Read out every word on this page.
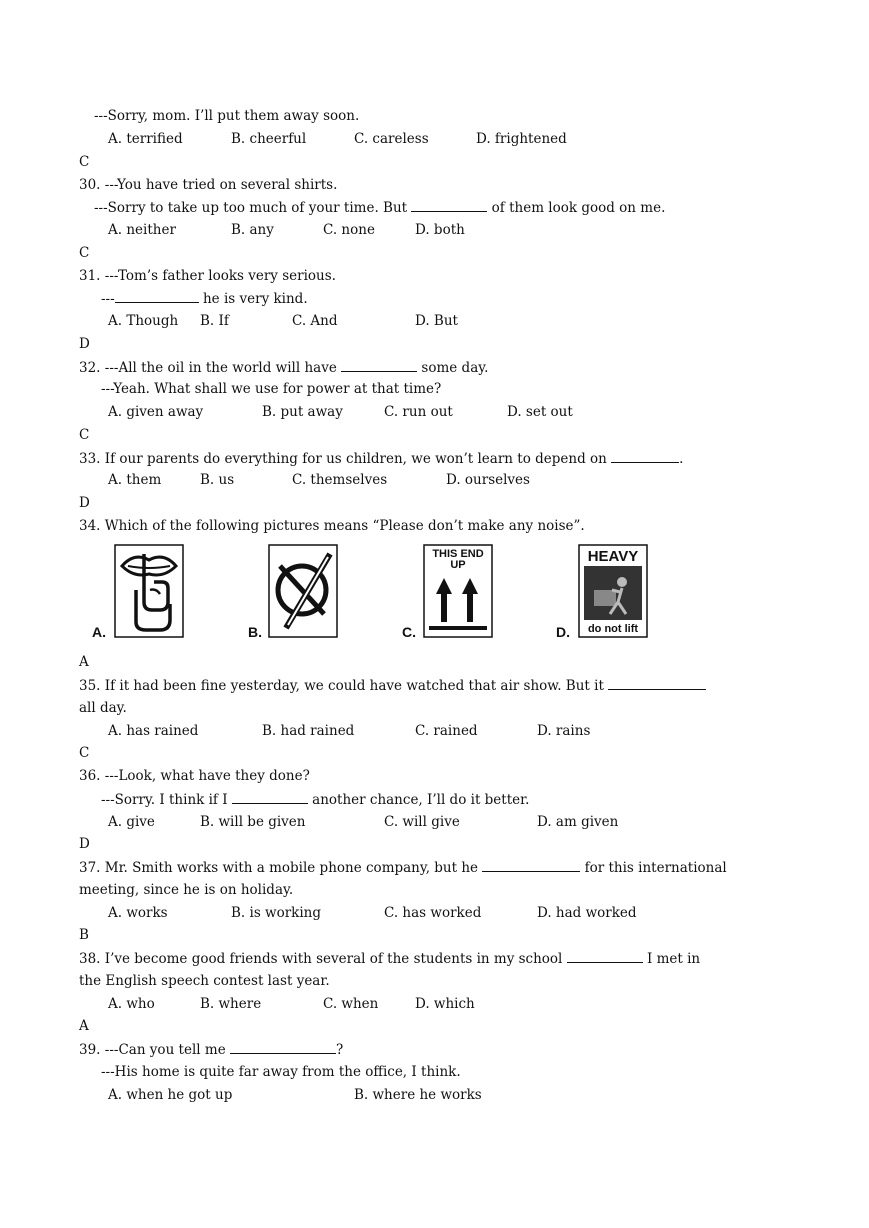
---Sorry, mom. I’ll put them away soon.
A. terrified	B. cheerful	C. careless	D. frightened
C
30. ---You have tried on several shirts.
---Sorry to take up too much of your time. But	of them look good on me.
A. neither	B. any	C. none	D. both
C
31. ---Tom’s father looks very serious.
---	he is very kind.
A. Though B. If	C. And	D. But
D
32. ---All the oil in the world will have	some day.
---Yeah. What shall we use for power at that time?
A. given away	B. put away	C. run out	D. set out
C
33. If our parents do everything for us children, we won’t learn to depend on	.
A. them	B. us	C. themselves	D. ourselves
D
34. Which of the following pictures means “Please don’t make any noise”.
A.	B.	C.
THIS END
UP
D.
HEAVY
do not lift
A
35. If it had been fine yesterday, we could have watched that air show. But it
all day.
A. has rained	B. had rained	C. rained	D. rains
C
36. ---Look, what have they done?
---Sorry. I think if I	another chance, I’ll do it better.
A. give	B. will be given	C. will give	D. am given
D
37. Mr. Smith works with a mobile phone company, but he	for this international
meeting, since he is on holiday.
A. works	B. is working	C. has worked	D. had worked
B
38. I’ve become good friends with several of the students in my school	I met in
the English speech contest last year.
A. who	B. where	C. when	D. which
A
39. ---Can you tell me	?
---His home is quite far away from the office, I think.
A. when he got up	B. where he works
